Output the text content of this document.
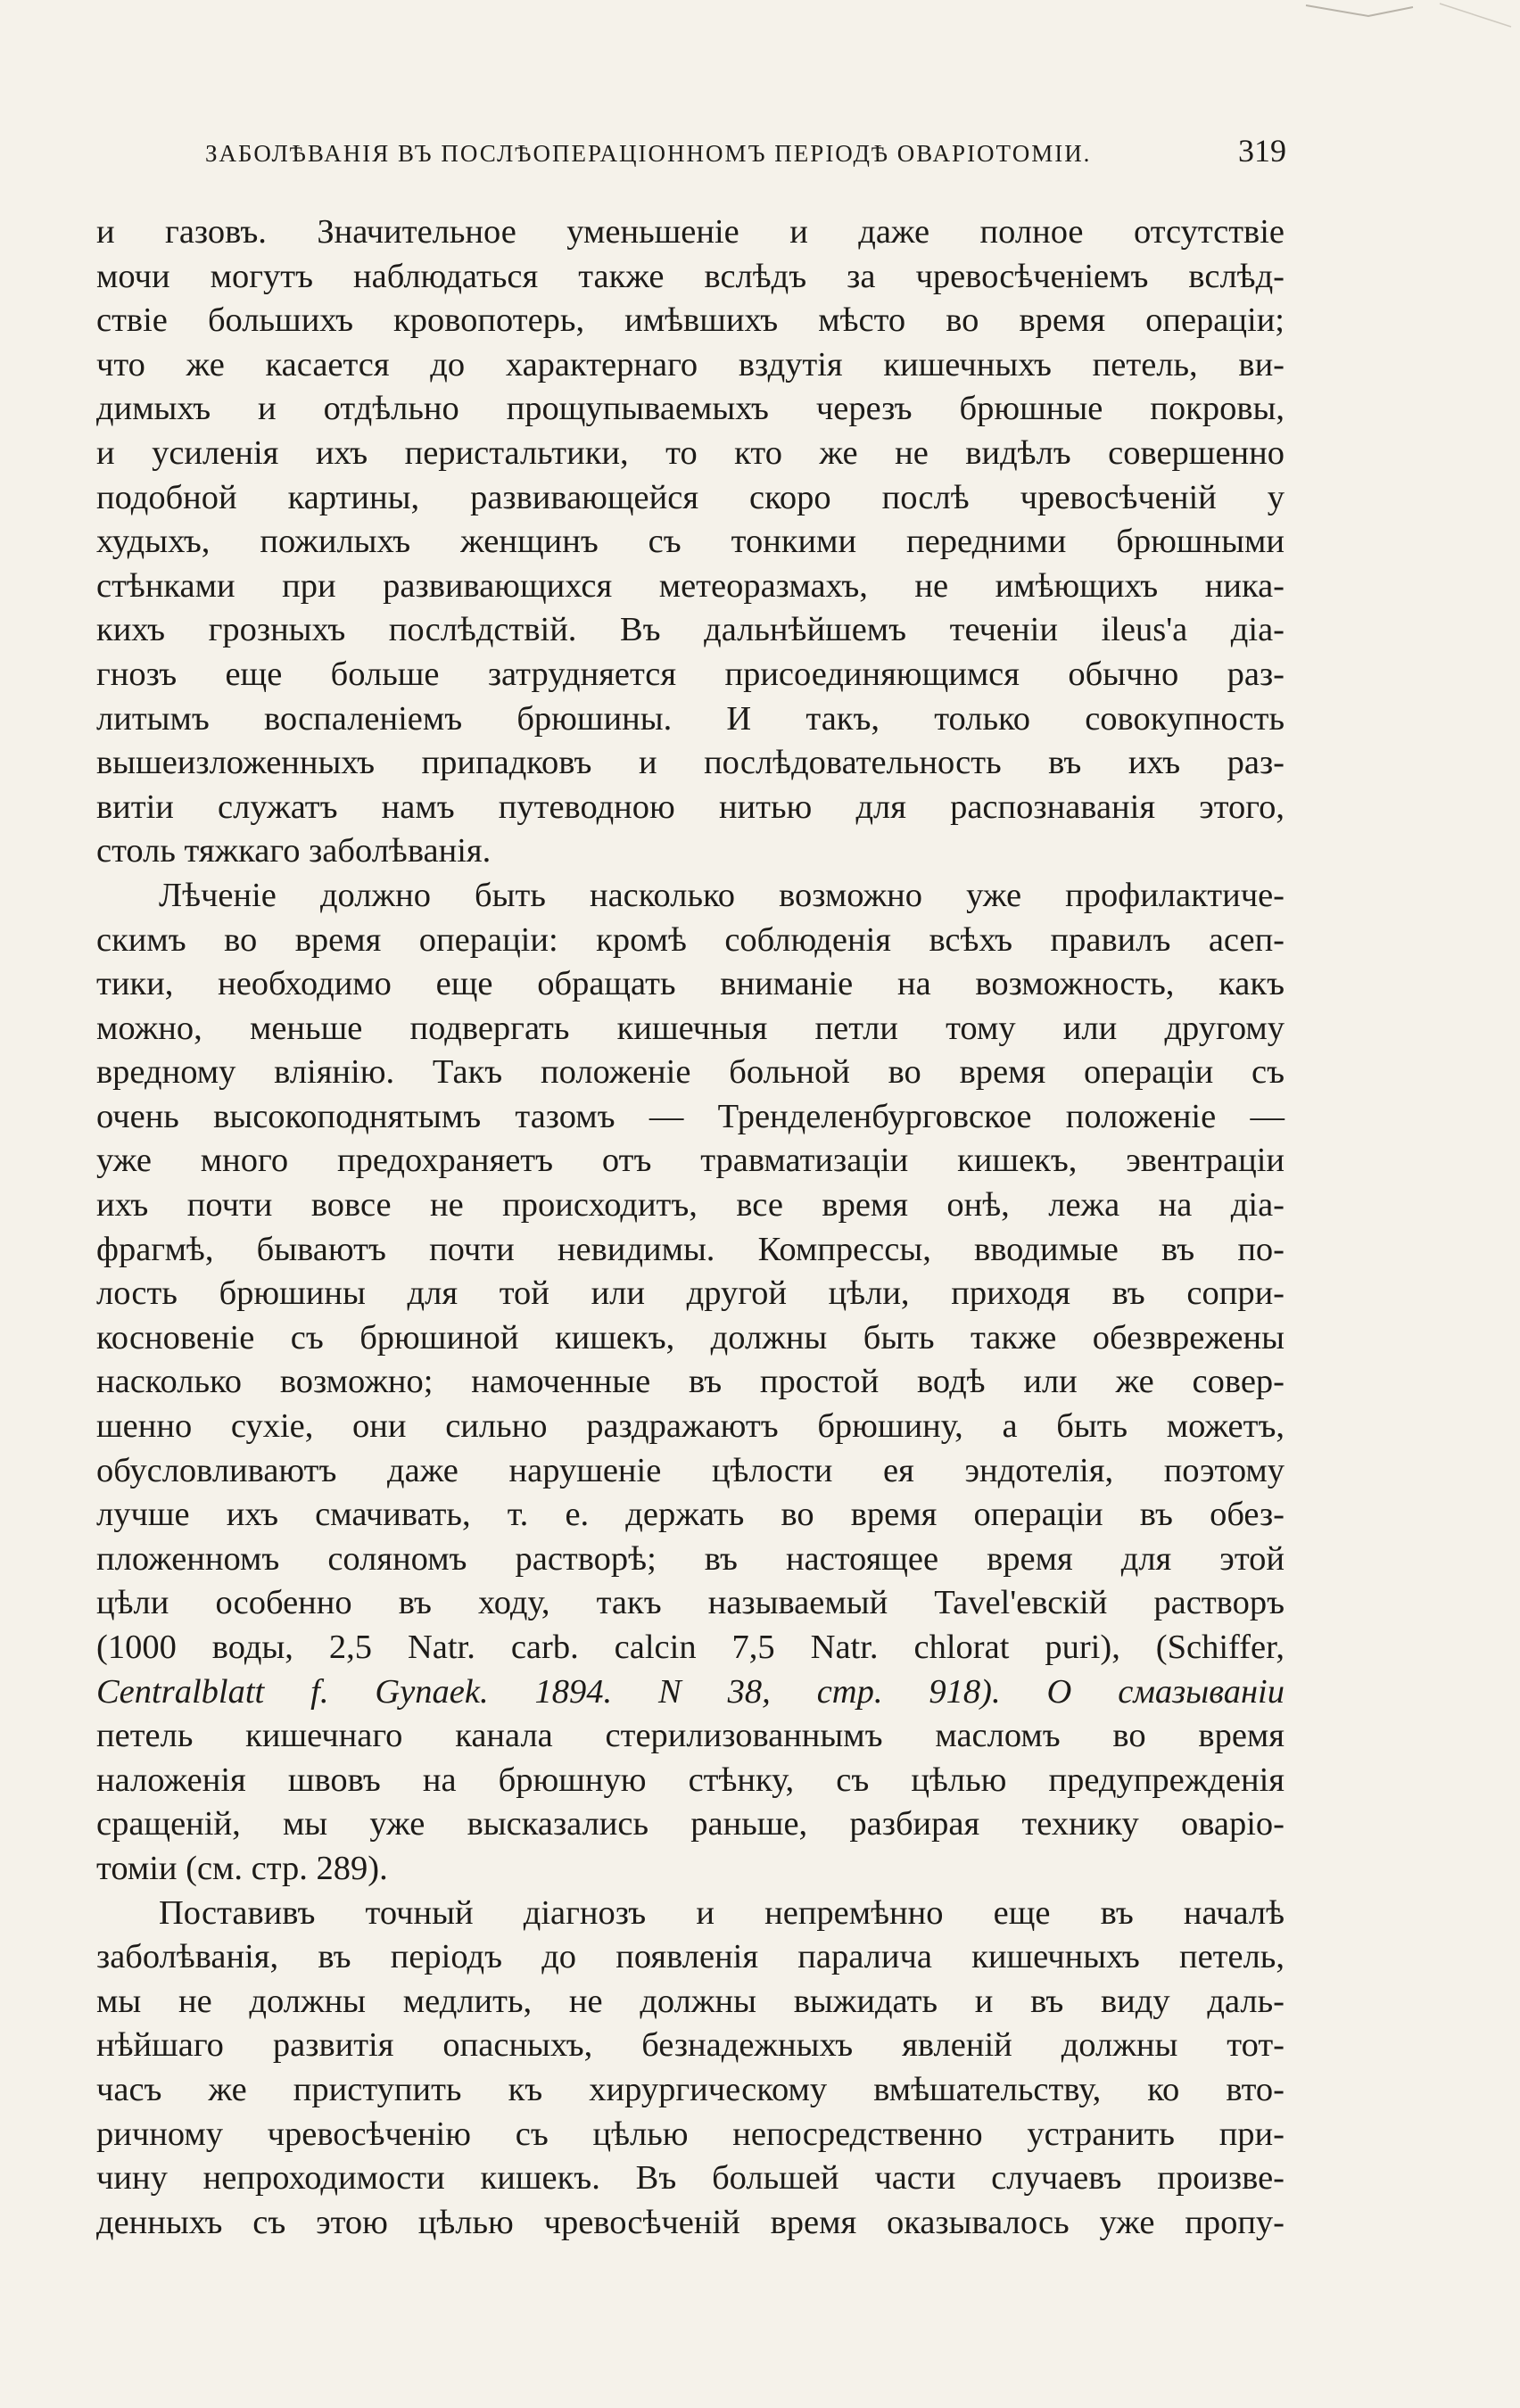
ЗАБОЛѢВАНІЯ ВЪ ПОСЛѢОПЕРАЦІОННОМЪ ПЕРІОДѢ ОВАРІОТОМІИ.	319
и газовъ. Значительное уменьшеніе и даже полное отсутствіе
мочи могутъ наблюдаться также вслѣдъ за чревосѣченіемъ вслѣд-
ствіе большихъ кровопотерь, имѣвшихъ мѣсто во время операціи;
что же касается до характернаго вздутія кишечныхъ петель, ви-
димыхъ и отдѣльно прощупываемыхъ черезъ брюшные покровы,
и усиленія ихъ перистальтики, то кто же не видѣлъ совершенно
подобной картины, развивающейся скоро послѣ чревосѣченій у
худыхъ, пожилыхъ женщинъ съ тонкими передними брюшными
стѣнками при развивающихся метеоразмахъ, не имѣющихъ ника-
кихъ грозныхъ послѣдствій. Въ дальнѣйшемъ теченіи ileus'а діа-
гнозъ еще больше затрудняется присоединяющимся обычно раз-
литымъ воспаленіемъ брюшины. И такъ, только совокупность
вышеизложенныхъ припадковъ и послѣдовательность въ ихъ раз-
витіи служатъ намъ путеводною нитью для распознаванія этого,
столь тяжкаго заболѣванія.
Лѣченіе должно быть насколько возможно уже профилактиче-
скимъ во время операціи: кромѣ соблюденія всѣхъ правилъ асеп-
тики, необходимо еще обращать вниманіе на возможность, какъ
можно, меньше подвергать кишечныя петли тому или другому
вредному вліянію. Такъ положеніе больной во время операціи съ
очень высокоподнятымъ тазомъ — Тренделенбурговское положеніе —
уже много предохраняетъ отъ травматизаціи кишекъ, эвентраціи
ихъ почти вовсе не происходитъ, все время онѣ, лежа на діа-
фрагмѣ, бываютъ почти невидимы. Компрессы, вводимые въ по-
лость брюшины для той или другой цѣли, приходя въ сопри-
косновеніе съ брюшиной кишекъ, должны быть также обезврежены
насколько возможно; намоченные въ простой водѣ или же совер-
шенно сухіе, они сильно раздражаютъ брюшину, а быть можетъ,
обусловливаютъ даже нарушеніе цѣлости ея эндотелія, поэтому
лучше ихъ смачивать, т. е. держать во время операціи въ обез-
пложенномъ соляномъ растворѣ; въ настоящее время для этой
цѣли особенно въ ходу, такъ называемый Tavel'евскій растворъ
(1000 воды, 2,5 Natr. carb. calcin 7,5 Natr. chlorat puri), (Schiffer,
Centralblatt f. Gynaek. 1894. N 38, стр. 918). О смазываніи
петель кишечнаго канала стерилизованнымъ масломъ во время
наложенія швовъ на брюшную стѣнку, съ цѣлью предупрежденія
сращеній, мы уже высказались раньше, разбирая технику оваріо-
томіи (см. стр. 289).
Поставивъ точный діагнозъ и непремѣнно еще въ началѣ
заболѣванія, въ періодъ до появленія паралича кишечныхъ петель,
мы не должны медлить, не должны выжидать и въ виду даль-
нѣйшаго развитія опасныхъ, безнадежныхъ явленій должны тот-
часъ же приступить къ хирургическому вмѣшательству, ко вто-
ричному чревосѣченію съ цѣлью непосредственно устранить при-
чину непроходимости кишекъ. Въ большей части случаевъ произве-
денныхъ съ этою цѣлью чревосѣченій время оказывалось уже пропу-
